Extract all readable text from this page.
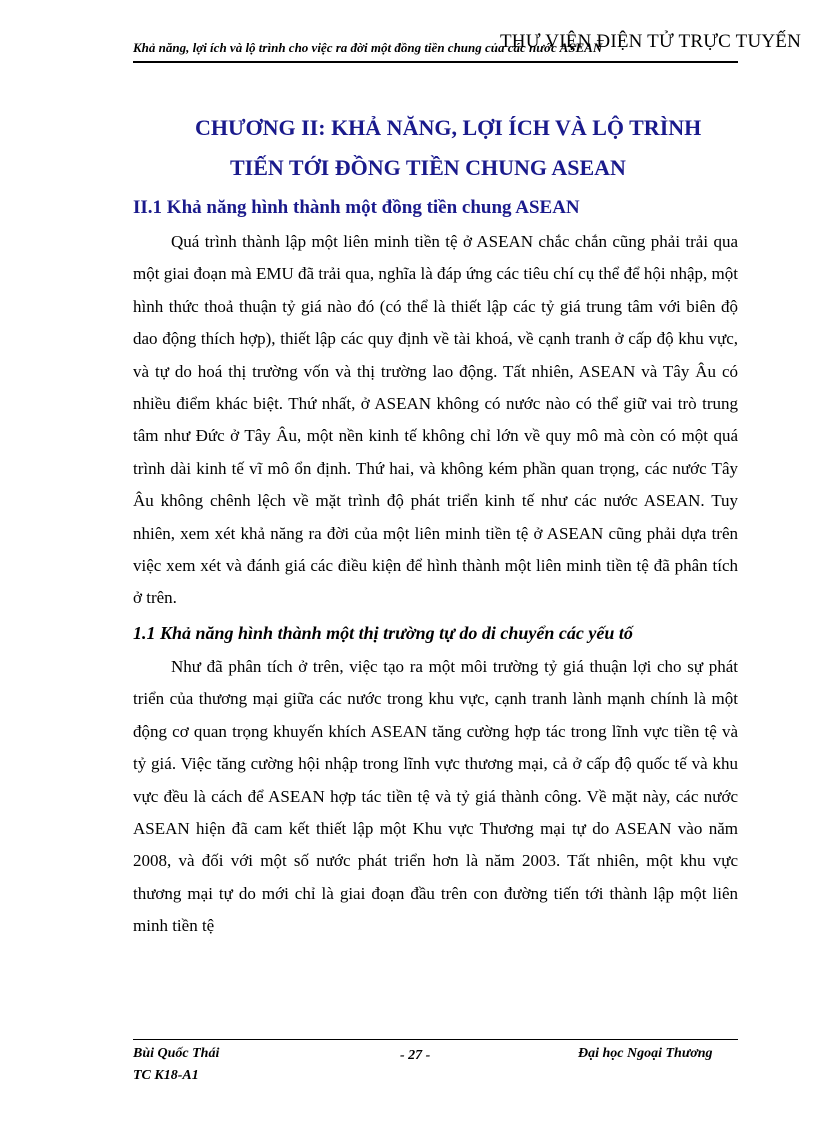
Khả năng, lợi ích và lộ trình cho việc ra đời một đồng tiền chung của các nước ASEAN
THƯ VIỆN ĐIỆN TỬ TRỰC TUYẾN
CHƯƠNG II: KHẢ NĂNG, LỢI ÍCH VÀ LỘ TRÌNH
TIẾN TỚI ĐỒNG TIỀN CHUNG ASEAN
II.1 Khả năng hình thành một đồng tiền chung ASEAN

Quá trình thành lập một liên minh tiền tệ ở ASEAN chắc chắn cũng phải trải qua một giai đoạn mà EMU đã trải qua, nghĩa là đáp ứng các tiêu chí cụ thể để hội nhập, một hình thức thoả thuận tỷ giá nào đó (có thể là thiết lập các tỷ giá trung tâm với biên độ dao động thích hợp), thiết lập các quy định về tài khoá, về cạnh tranh ở cấp độ khu vực, và tự do hoá thị trường vốn và thị trường lao động. Tất nhiên, ASEAN và Tây Âu có nhiều điểm khác biệt. Thứ nhất, ở ASEAN không có nước nào có thể giữ vai trò trung tâm như Đức ở Tây Âu, một nền kinh tế không chỉ lớn về quy mô mà còn có một quá trình dài kinh tế vĩ mô ổn định. Thứ hai, và không kém phần quan trọng, các nước Tây Âu không chênh lệch về mặt trình độ phát triển kinh tế như các nước ASEAN. Tuy nhiên, xem xét khả năng ra đời của một liên minh tiền tệ ở ASEAN cũng phải dựa trên việc xem xét và đánh giá các điều kiện để hình thành một liên minh tiền tệ đã phân tích ở trên.

1.1 Khả năng hình thành một thị trường tự do di chuyển các yếu tố

Như đã phân tích ở trên, việc tạo ra một môi trường tỷ giá thuận lợi cho sự phát triển của thương mại giữa các nước trong khu vực, cạnh tranh lành mạnh chính là một động cơ quan trọng khuyến khích ASEAN tăng cường hợp tác trong lĩnh vực tiền tệ và tỷ giá. Việc tăng cường hội nhập trong lĩnh vực thương mại, cả ở cấp độ quốc tế và khu vực đều là cách để ASEAN hợp tác tiền tệ và tỷ giá thành công. Về mặt này, các nước ASEAN hiện đã cam kết thiết lập một Khu vực Thương mại tự do ASEAN vào năm 2008, và đối với một số nước phát triển hơn là năm 2003. Tất nhiên, một khu vực thương mại tự do mới chỉ là giai đoạn đầu trên con đường tiến tới thành lập một liên minh tiền tệ

Bùi Quốc Thái
TC K18-A1
- 27 -	Đại học Ngoại Thương
